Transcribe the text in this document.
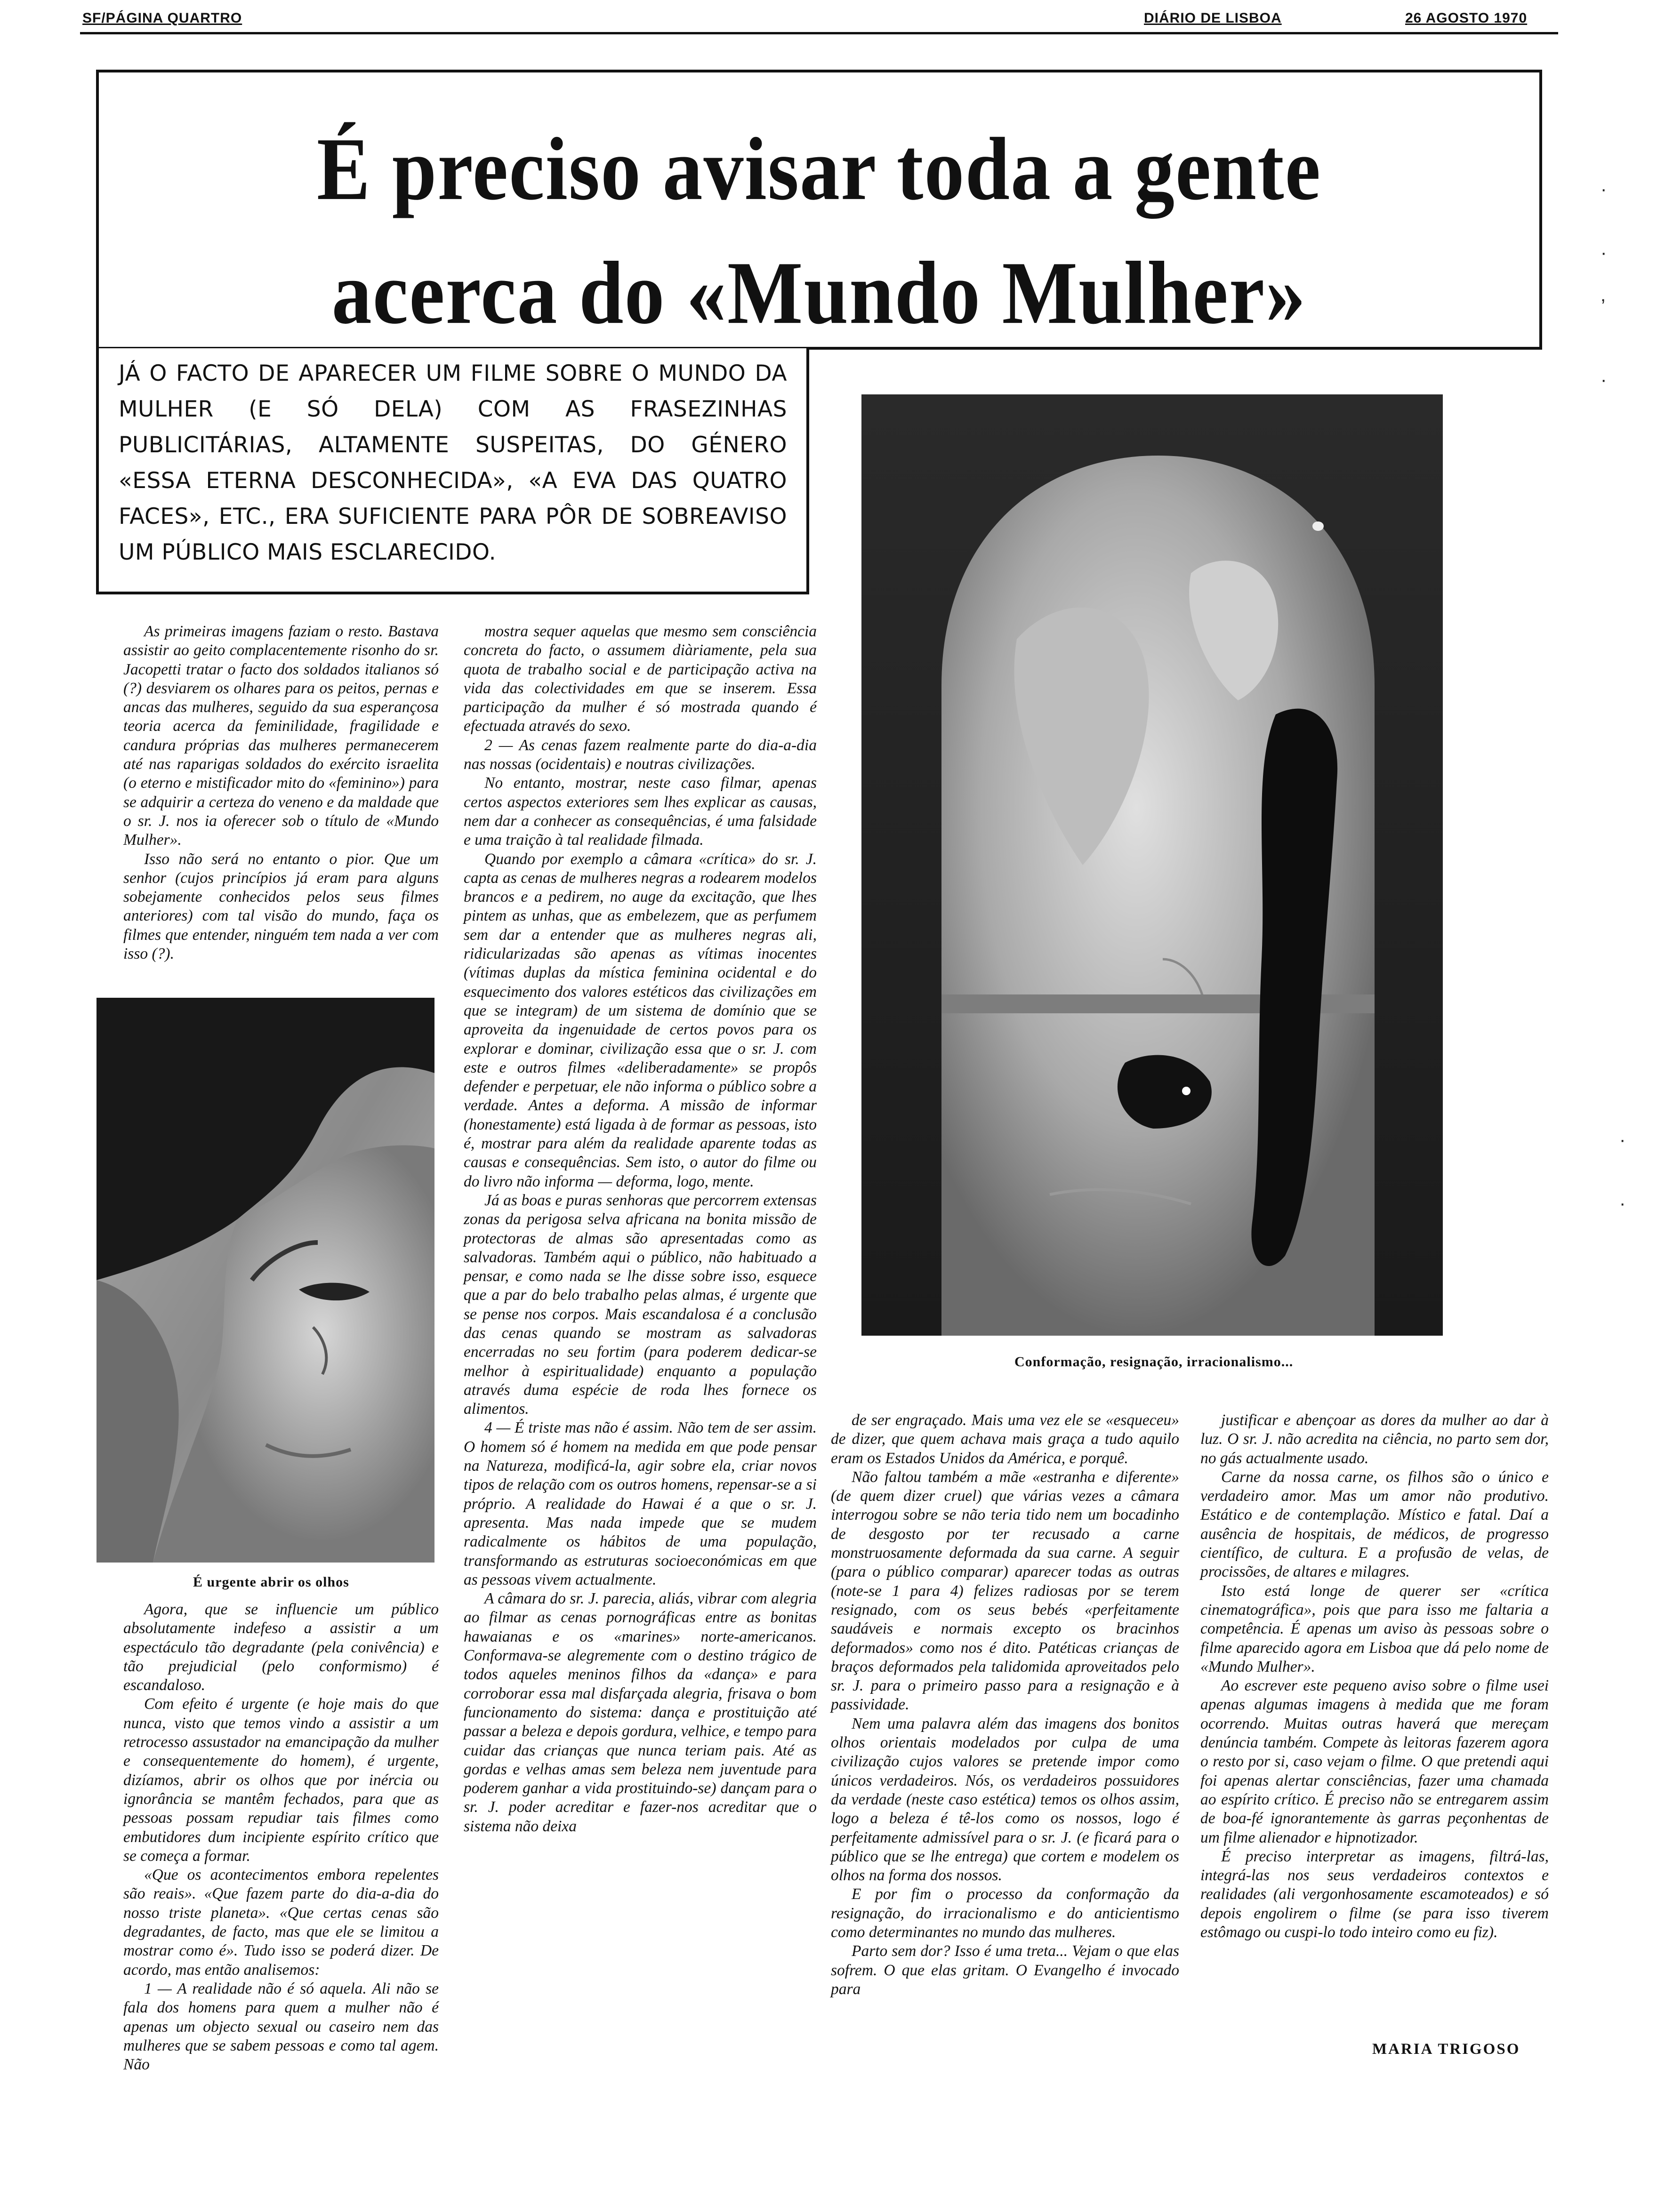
SF/PÁGINA QUARTRO	DIÁRIO DE LISBOA	26 AGOSTO 1970
É preciso avisar toda a gente
acerca do «Mundo Mulher»
JÁ O FACTO DE APARECER UM FILME SOBRE O MUNDO DA MULHER (E SÓ DELA) COM AS FRASEZINHAS PUBLICITÁRIAS, ALTAMENTE SUSPEITAS, DO GÉNERO «ESSA ETERNA DESCONHECIDA», «A EVA DAS QUATRO FACES», ETC., ERA SUFICIENTE PARA PÔR DE SOBREAVISO UM PÚBLICO MAIS ESCLARECIDO.

As primeiras imagens faziam o resto. Bastava assistir ao geito complacentemente risonho do sr. Jacopetti tratar o facto dos soldados italianos só (?) desviarem os olhares para os peitos, pernas e ancas das mulheres, seguido da sua esperançosa teoria acerca da feminilidade, fragilidade e candura próprias das mulheres permanecerem até nas raparigas soldados do exército israelita (o eterno e mistificador mito do «feminino») para se adquirir a certeza do veneno e da maldade que o sr. J. nos ia oferecer sob o título de «Mundo Mulher».

Isso não será no entanto o pior. Que um senhor (cujos princípios já eram para alguns sobejamente conhecidos pelos seus filmes anteriores) com tal visão do mundo, faça os filmes que entender, ninguém tem nada a ver com isso (?).

É urgente abrir os olhos

Agora, que se influencie um público absolutamente indefeso a assistir a um espectáculo tão degradante (pela conivência) e tão prejudicial (pelo conformismo) é escandaloso.

Com efeito é urgente (e hoje mais do que nunca, visto que temos vindo a assistir a um retrocesso assustador na emancipação da mulher e consequentemente do homem), é urgente, dizíamos, abrir os olhos que por inércia ou ignorância se mantêm fechados, para que as pessoas possam repudiar tais filmes como embutidores dum incipiente espírito crítico que se começa a formar.

«Que os acontecimentos embora repelentes são reais». «Que fazem parte do dia-a-dia do nosso triste planeta». «Que certas cenas são degradantes, de facto, mas que ele se limitou a mostrar como é». Tudo isso se poderá dizer. De acordo, mas então analisemos:

1 — A realidade não é só aquela. Ali não se fala dos homens para quem a mulher não é apenas um objecto sexual ou caseiro nem das mulheres que se sabem pessoas e como tal agem. Não

mostra sequer aquelas que mesmo sem consciência concreta do facto, o assumem diàriamente, pela sua quota de trabalho social e de participação activa na vida das colectividades em que se inserem. Essa participação da mulher é só mostrada quando é efectuada através do sexo.

2 — As cenas fazem realmente parte do dia-a-dia nas nossas (ocidentais) e noutras civilizações.

No entanto, mostrar, neste caso filmar, apenas certos aspectos exteriores sem lhes explicar as causas, nem dar a conhecer as consequências, é uma falsidade e uma traição à tal realidade filmada.

Quando por exemplo a câmara «crítica» do sr. J. capta as cenas de mulheres negras a rodearem modelos brancos e a pedirem, no auge da excitação, que lhes pintem as unhas, que as embelezem, que as perfumem sem dar a entender que as mulheres negras ali, ridicularizadas são apenas as vítimas inocentes (vítimas duplas da mística feminina ocidental e do esquecimento dos valores estéticos das civilizações em que se integram) de um sistema de domínio que se aproveita da ingenuidade de certos povos para os explorar e dominar, civilização essa que o sr. J. com este e outros filmes «deliberadamente» se propôs defender e perpetuar, ele não informa o público sobre a verdade. Antes a deforma. A missão de informar (honestamente) está ligada à de formar as pessoas, isto é, mostrar para além da realidade aparente todas as causas e consequências. Sem isto, o autor do filme ou do livro não informa — deforma, logo, mente.

Já as boas e puras senhoras que percorrem extensas zonas da perigosa selva africana na bonita missão de protectoras de almas são apresentadas como as salvadoras. Também aqui o público, não habituado a pensar, e como nada se lhe disse sobre isso, esquece que a par do belo trabalho pelas almas, é urgente que se pense nos corpos. Mais escandalosa é a conclusão das cenas quando se mostram as salvadoras encerradas no seu fortim (para poderem dedicar-se melhor à espiritualidade) enquanto a população através duma espécie de roda lhes fornece os alimentos.

4 — É triste mas não é assim. Não tem de ser assim. O homem só é homem na medida em que pode pensar na Natureza, modificá-la, agir sobre ela, criar novos tipos de relação com os outros homens, repensar-se a si próprio. A realidade do Hawai é a que o sr. J. apresenta. Mas nada impede que se mudem radicalmente os hábitos de uma população, transformando as estruturas socioeconómicas em que as pessoas vivem actualmente.

A câmara do sr. J. parecia, aliás, vibrar com alegria ao filmar as cenas pornográficas entre as bonitas hawaianas e os «marines» norte-americanos. Conformava-se alegremente com o destino trágico de todos aqueles meninos filhos da «dança» e para corroborar essa mal disfarçada alegria, frisava o bom funcionamento do sistema: dança e prostituição até passar a beleza e depois gordura, velhice, e tempo para cuidar das crianças que nunca teriam pais. Até as gordas e velhas amas sem beleza nem juventude para poderem ganhar a vida prostituindo-se) dançam para o sr. J. poder acreditar e fazer-nos acreditar que o sistema não deixa

Conformação, resignação, irracionalismo...

de ser engraçado. Mais uma vez ele se «esqueceu» de dizer, que quem achava mais graça a tudo aquilo eram os Estados Unidos da América, e porquê.

Não faltou também a mãe «estranha e diferente» (de quem dizer cruel) que várias vezes a câmara interrogou sobre se não teria tido nem um bocadinho de desgosto por ter recusado a carne monstruosamente deformada da sua carne. A seguir (para o público comparar) aparecer todas as outras (note-se 1 para 4) felizes radiosas por se terem resignado, com os seus bebés «perfeitamente saudáveis e normais excepto os bracinhos deformados» como nos é dito. Patéticas crianças de braços deformados pela talidomida aproveitados pelo sr. J. para o primeiro passo para a resignação e à passividade.

Nem uma palavra além das imagens dos bonitos olhos orientais modelados por culpa de uma civilização cujos valores se pretende impor como únicos verdadeiros. Nós, os verdadeiros possuidores da verdade (neste caso estética) temos os olhos assim, logo a beleza é tê-los como os nossos, logo é perfeitamente admissível para o sr. J. (e ficará para o público que se lhe entrega) que cortem e modelem os olhos na forma dos nossos.

E por fim o processo da conformação da resignação, do irracionalismo e do anticientismo como determinantes no mundo das mulheres.

Parto sem dor? Isso é uma treta... Vejam o que elas sofrem. O que elas gritam. O Evangelho é invocado para

justificar e abençoar as dores da mulher ao dar à luz. O sr. J. não acredita na ciência, no parto sem dor, no gás actualmente usado.

Carne da nossa carne, os filhos são o único e verdadeiro amor. Mas um amor não produtivo. Estático e de contemplação. Místico e fatal. Daí a ausência de hospitais, de médicos, de progresso científico, de cultura. E a profusão de velas, de procissões, de altares e milagres.

Isto está longe de querer ser «crítica cinematográfica», pois que para isso me faltaria a competência. É apenas um aviso às pessoas sobre o filme aparecido agora em Lisboa que dá pelo nome de «Mundo Mulher».

Ao escrever este pequeno aviso sobre o filme usei apenas algumas imagens à medida que me foram ocorrendo. Muitas outras haverá que mereçam denúncia também. Compete às leitoras fazerem agora o resto por si, caso vejam o filme. O que pretendi aqui foi apenas alertar consciências, fazer uma chamada ao espírito crítico. É preciso não se entregarem assim de boa-fé ignorantemente às garras peçonhentas de um filme alienador e hipnotizador.

É preciso interpretar as imagens, filtrá-las, integrá-las nos seus verdadeiros contextos e realidades (ali vergonhosamente escamoteados) e só depois engolirem o filme (se para isso tiverem estômago ou cuspi-lo todo inteiro como eu fiz).

MARIA TRIGOSO
·

·

,

·
·

·
